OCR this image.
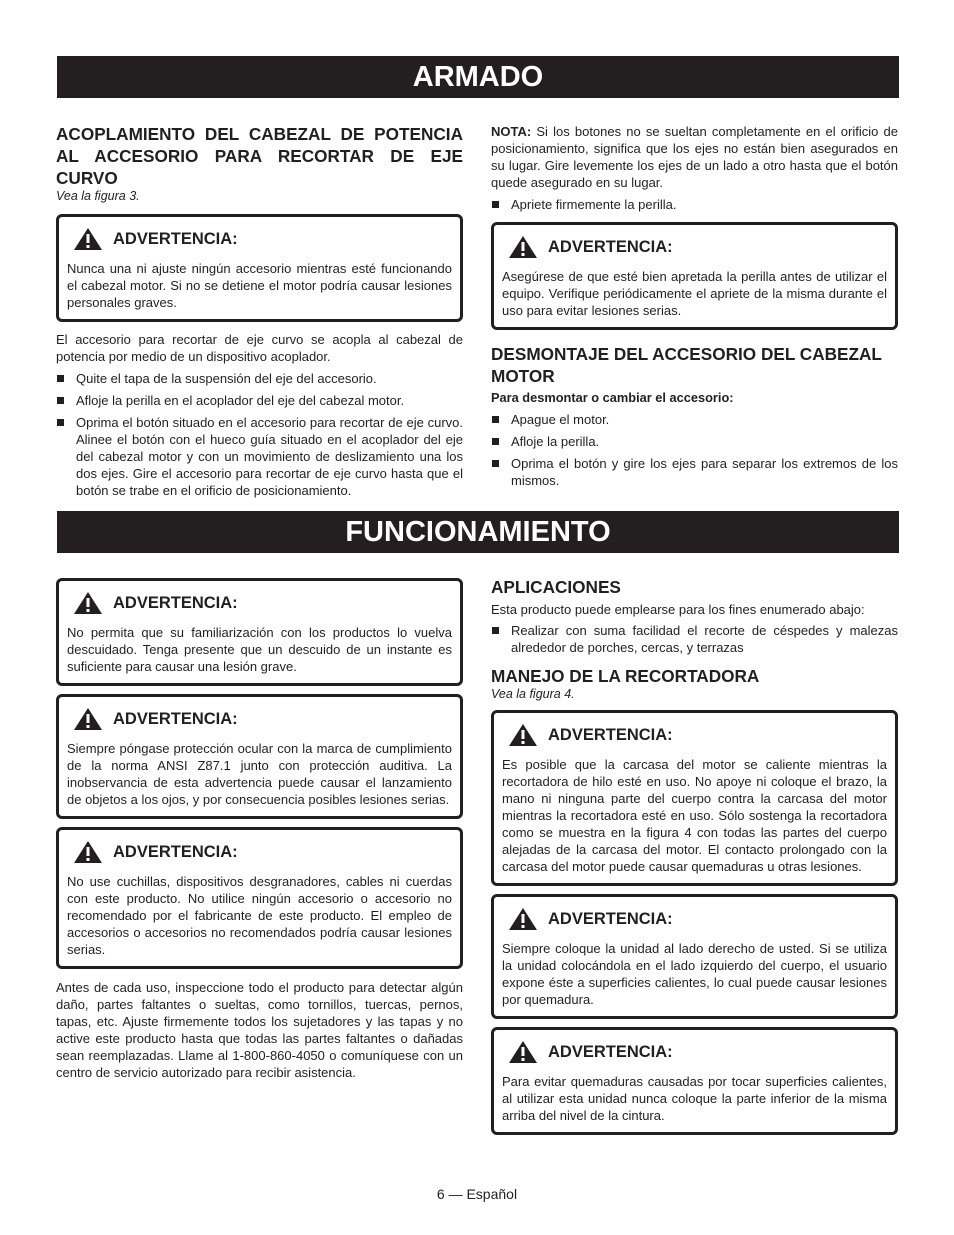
ARMADO

ACOPLAMIENTO DEL CABEZAL DE POTENCIA AL ACCESORIO PARA RECORTAR DE EJE CURVO

Vea la figura 3.

ADVERTENCIA:

Nunca una ni ajuste ningún accesorio mientras esté funcionando el cabezal motor. Si no se detiene el motor podría causar lesiones personales graves.

El accesorio para recortar de eje curvo se acopla al cabezal de potencia por medio de un dispositivo acoplador.

Quite el tapa de la suspensión del eje del accesorio.
Afloje la perilla en el acoplador del eje del cabezal motor.
Oprima el botón situado en el accesorio para recortar de eje curvo. Alinee el botón con el hueco guía situado en el acoplador del eje del cabezal motor y con un movimiento de deslizamiento una los dos ejes. Gire el accesorio para recortar de eje curvo hasta que el botón se trabe en el orificio de posicionamiento.

NOTA: Si los botones no se sueltan completamente en el orificio de posicionamiento, significa que los ejes no están bien asegurados en su lugar. Gire levemente los ejes de un lado a otro hasta que el botón quede asegurado en su lugar.

Apriete firmemente la perilla.
ADVERTENCIA:

Asegúrese de que esté bien apretada la perilla antes de utilizar el equipo. Verifique periódicamente el apriete de la misma durante el uso para evitar lesiones serias.

DESMONTAJE DEL ACCESORIO DEL CABEZAL MOTOR

Para desmontar o cambiar el accesorio:

Apague el motor.
Afloje la perilla.
Oprima el botón y gire los ejes para separar los extremos de los mismos.
FUNCIONAMIENTO
ADVERTENCIA:

No permita que su familiarización con los productos lo vuelva descuidado. Tenga presente que un descuido de un instante es suficiente para causar una lesión grave.

ADVERTENCIA:

Siempre póngase protección ocular con la marca de cumplimiento de la norma ANSI Z87.1 junto con protección auditiva. La inobservancia de esta advertencia puede causar el lanzamiento de objetos a los ojos, y por consecuencia posibles lesiones serias.

ADVERTENCIA:

No use cuchillas, dispositivos desgranadores, cables ni cuerdas con este producto. No utilice ningún accesorio o accesorio no recomendado por el fabricante de este producto. El empleo de accesorios o accesorios no recomendados podría causar lesiones serias.

Antes de cada uso, inspeccione todo el producto para detectar algún daño, partes faltantes o sueltas, como tornillos, tuercas, pernos, tapas, etc. Ajuste firmemente todos los sujetadores y las tapas y no active este producto hasta que todas las partes faltantes o dañadas sean reemplazadas. Llame al 1-800-860-4050 o comuníquese con un centro de servicio autorizado para recibir asistencia.

APLICACIONES

Esta producto puede emplearse para los fines enumerado abajo:

Realizar con suma facilidad el recorte de céspedes y malezas alrededor de porches, cercas, y terrazas

MANEJO DE LA RECORTADORA

Vea la figura 4.

ADVERTENCIA:

Es posible que la carcasa del motor se caliente mientras la recortadora de hilo esté en uso. No apoye ni coloque el brazo, la mano ni ninguna parte del cuerpo contra la carcasa del motor mientras la recortadora esté en uso. Sólo sostenga la recortadora como se muestra en la figura 4 con todas las partes del cuerpo alejadas de la carcasa del motor. El contacto prolongado con la carcasa del motor puede causar quemaduras u otras lesiones.

ADVERTENCIA:

Siempre coloque la unidad al lado derecho de usted. Si se utiliza la unidad colocándola en el lado izquierdo del cuerpo, el usuario expone éste a superficies calientes, lo cual puede causar lesiones por quemadura.

ADVERTENCIA:

Para evitar quemaduras causadas por tocar superficies calientes, al utilizar esta unidad nunca coloque la parte inferior de la misma arriba del nivel de la cintura.

6 — Español
